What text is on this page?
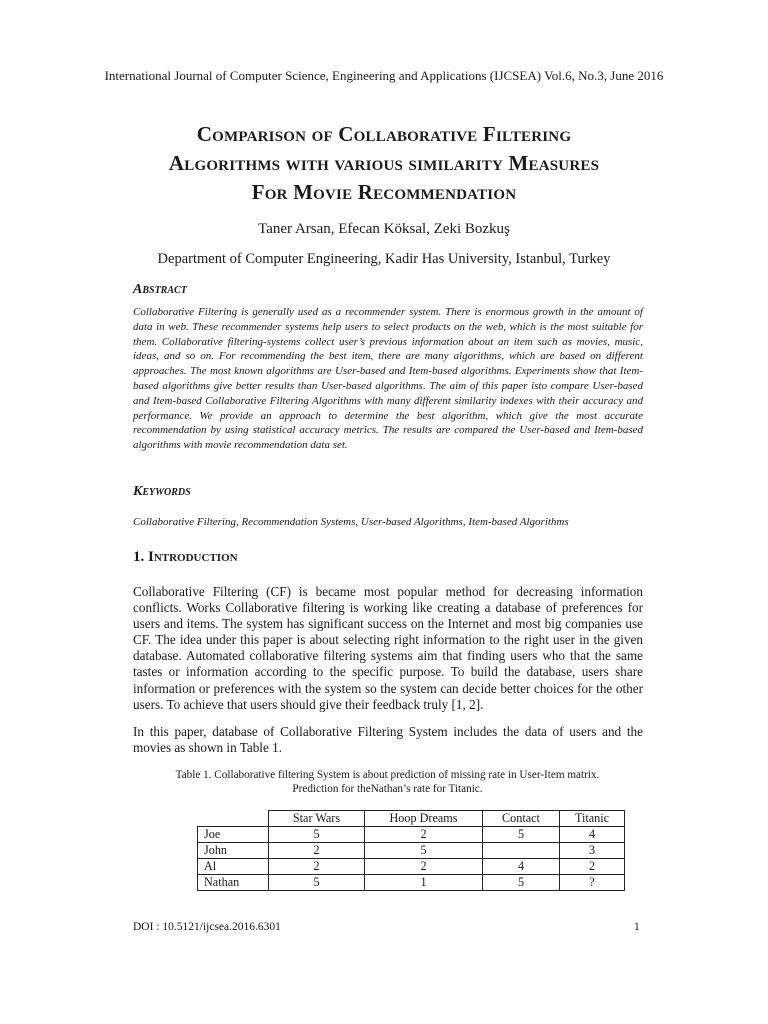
International Journal of Computer Science, Engineering and Applications (IJCSEA) Vol.6, No.3, June 2016
Comparison of Collaborative Filtering
Algorithms with various similarity Measures
For Movie Recommendation
Taner Arsan, Efecan Köksal, Zeki Bozkuş
Department of Computer Engineering, Kadir Has University, Istanbul, Turkey
Abstract
Collaborative Filtering is generally used as a recommender system. There is enormous growth in the amount of data in web. These recommender systems help users to select products on the web, which is the most suitable for them. Collaborative filtering-systems collect user’s previous information about an item such as movies, music, ideas, and so on. For recommending the best item, there are many algorithms, which are based on different approaches. The most known algorithms are User-based and Item-based algorithms. Experiments show that Item-based algorithms give better results than User-based algorithms. The aim of this paper isto compare User-based and Item-based Collaborative Filtering Algorithms with many different similarity indexes with their accuracy and performance. We provide an approach to determine the best algorithm, which give the most accurate recommendation by using statistical accuracy metrics. The results are compared the User-based and Item-based algorithms with movie recommendation data set.
Keywords
Collaborative Filtering, Recommendation Systems, User-based Algorithms, Item-based Algorithms
1. Introduction
Collaborative Filtering (CF) is became most popular method for decreasing information conflicts. Works Collaborative filtering is working like creating a database of preferences for users and items. The system has significant success on the Internet and most big companies use CF. The idea under this paper is about selecting right information to the right user in the given database. Automated collaborative filtering systems aim that finding users who that the same tastes or information according to the specific purpose. To build the database, users share information or preferences with the system so the system can decide better choices for the other users. To achieve that users should give their feedback truly [1, 2].
In this paper, database of Collaborative Filtering System includes the data of users and the movies as shown in Table 1.
Table 1. Collaborative filtering System is about prediction of missing rate in User-Item matrix. Prediction for theNathan’s rate for Titanic.
	Star Wars	Hoop Dreams	Contact	Titanic
Joe	5	2	5	4
John	2	5		3
Al	2	2	4	2
Nathan	5	1	5	?
DOI : 10.5121/ijcsea.2016.6301	1
